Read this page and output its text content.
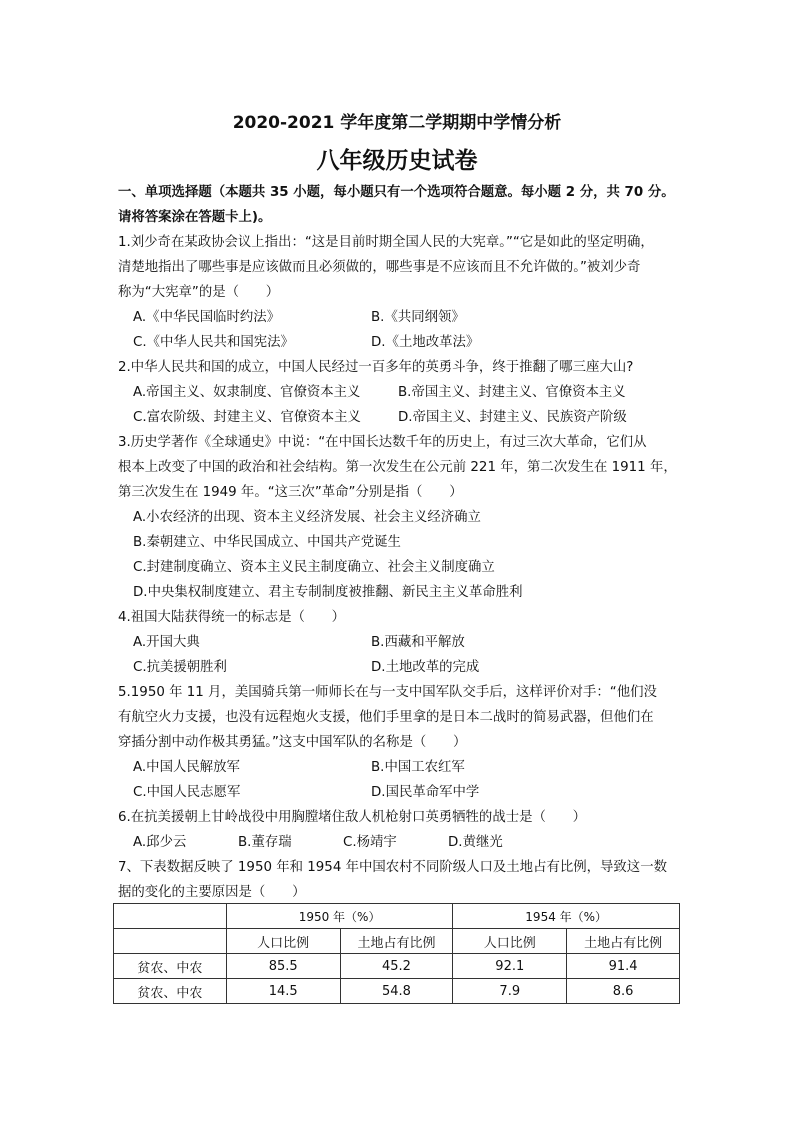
2020-2021 学年度第二学期期中学情分析
八年级历史试卷
一、单项选择题（本题共 35 小题，每小题只有一个选项符合题意。每小题 2 分，共 70 分。
请将答案涂在答题卡上)。
1.刘少奇在某政协会议上指出：“这是目前时期全国人民的大宪章。”“它是如此的坚定明确，
清楚地指出了哪些事是应该做而且必须做的，哪些事是不应该而且不允许做的。”被刘少奇
称为“大宪章”的是（　　）
A.《中华民国临时约法》	B.《共同纲领》
C.《中华人民共和国宪法》	D.《土地改革法》
2.中华人民共和国的成立，中国人民经过一百多年的英勇斗争，终于推翻了哪三座大山?
A.帝国主义、奴隶制度、官僚资本主义	B.帝国主义、封建主义、官僚资本主义
C.富农阶级、封建主义、官僚资本主义	D.帝国主义、封建主义、民族资产阶级
3.历史学著作《全球通史》中说：“在中国长达数千年的历史上，有过三次大革命，它们从
根本上改变了中国的政治和社会结构。第一次发生在公元前 221 年，第二次发生在 1911 年，
第三次发生在 1949 年。“这三次”革命”分别是指（　　）
A.小农经济的出现、资本主义经济发展、社会主义经济确立
B.秦朝建立、中华民国成立、中国共产党诞生
C.封建制度确立、资本主义民主制度确立、社会主义制度确立
D.中央集权制度建立、君主专制制度被推翻、新民主主义革命胜利
4.祖国大陆获得统一的标志是（　　）
A.开国大典	B.西藏和平解放
C.抗美援朝胜利	D.土地改革的完成
5.1950 年 11 月，美国骑兵第一师师长在与一支中国军队交手后，这样评价对手：“他们没
有航空火力支援，也没有远程炮火支援，他们手里拿的是日本二战时的简易武器，但他们在
穿插分割中动作极其勇猛。”这支中国军队的名称是（　　）
A.中国人民解放军	B.中国工农红军
C.中国人民志愿军	D.国民革命军中学
6.在抗美援朝上甘岭战役中用胸膛堵住敌人机枪射口英勇牺牲的战士是（　　）
A.邱少云	B.董存瑞	C.杨靖宇	D.黄继光
7、下表数据反映了 1950 年和 1954 年中国农村不同阶级人口及土地占有比例，导致这一数
据的变化的主要原因是（　　）
	1950 年（%）		1954 年（%）	
	人口比例	土地占有比例	人口比例	土地占有比例
贫农、中农	85.5	45.2	92.1	91.4
贫农、中农	14.5	54.8	7.9	8.6
